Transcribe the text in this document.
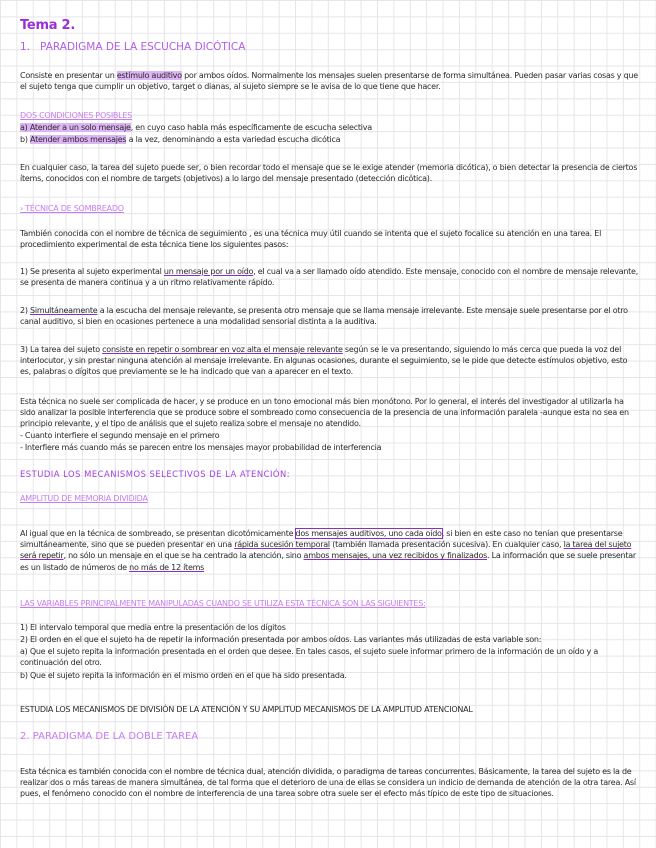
Tema 2.
1. PARADIGMA DE LA ESCUCHA DICÓTICA
Consiste en presentar un estímulo auditivo por ambos oídos. Normalmente los mensajes suelen presentarse de forma simultánea. Pueden pasar varias cosas y que el sujeto tenga que cumplir un objetivo, target o dianas, al sujeto siempre se le avisa de lo que tiene que hacer.
DOS CONDICIONES POSIBLES
a) Atender a un solo mensaje, en cuyo caso habla más específicamente de escucha selectiva
b) Atender ambos mensajes a la vez, denominando a esta variedad escucha dicótica
En cualquier caso, la tarea del sujeto puede ser, o bien recordar todo el mensaje que se le exige atender (memoria dicótica), o bien detectar la presencia de ciertos ítems, conocidos con el nombre de targets (objetivos) a lo largo del mensaje presentado (detección dicótica).
› TÉCNICA DE SOMBREADO
También conocida con el nombre de técnica de seguimiento , es una técnica muy útil cuando se intenta que el sujeto focalice su atención en una tarea. El procedimiento experimental de esta técnica tiene los siguientes pasos:
1) Se presenta al sujeto experimental un mensaje por un oído, el cual va a ser llamado oído atendido. Este mensaje, conocido con el nombre de mensaje relevante, se presenta de manera continua y a un ritmo relativamente rápido.
2) Simultáneamente a la escucha del mensaje relevante, se presenta otro mensaje que se llama mensaje irrelevante. Este mensaje suele presentarse por el otro canal auditivo, si bien en ocasiones pertenece a una modalidad sensorial distinta a la auditiva.
3) La tarea del sujeto consiste en repetir o sombrear en voz alta el mensaje relevante según se le va presentando, siguiendo lo más cerca que pueda la voz del interlocutor, y sin prestar ninguna atención al mensaje irrelevante. En algunas ocasiones, durante el seguimiento, se le pide que detecte estímulos objetivo, esto es, palabras o dígitos que previamente se le ha indicado que van a aparecer en el texto.
Esta técnica no suele ser complicada de hacer, y se produce en un tono emocional más bien monótono. Por lo general, el interés del investigador al utilizarla ha sido analizar la posible interferencia que se produce sobre el sombreado como consecuencia de la presencia de una información paralela -aunque esta no sea en principio relevante, y el tipo de análisis que el sujeto realiza sobre el mensaje no atendido.
- Cuanto interfiere el segundo mensaje en el primero
- Interfiere más cuando más se parecen entre los mensajes mayor probabilidad de interferencia
ESTUDIA LOS MECANISMOS SELECTIVOS DE LA ATENCIÓN:
AMPLITUD DE MEMORIA DIVIDIDA
Al igual que en la técnica de sombreado, se presentan dicotómicamente dos mensajes auditivos, uno cada oído, si bien en este caso no tenían que presentarse simultáneamente, sino que se pueden presentar en una rápida sucesión temporal (también llamada presentación sucesiva). En cualquier caso, la tarea del sujeto será repetir, no sólo un mensaje en el que se ha centrado la atención, sino ambos mensajes, una vez recibidos y finalizados. La información que se suele presentar es un listado de números de no más de 12 ítems
LAS VARIABLES PRINCIPALMENTE MANIPULADAS CUANDO SE UTILIZA ESTA TÉCNICA SON LAS SIGUIENTES:
1) El intervalo temporal que media entre la presentación de los dígitos
2) El orden en el que el sujeto ha de repetir la información presentada por ambos oídos. Las variantes más utilizadas de esta variable son:
a) Que el sujeto repita la información presentada en el orden que desee. En tales casos, el sujeto suele informar primero de la información de un oído y a continuación del otro.
b) Que el sujeto repita la información en el mismo orden en el que ha sido presentada.
ESTUDIA LOS MECANISMOS DE DIVISIÓN DE LA ATENCIÓN Y SU AMPLITUD MECANISMOS DE LA AMPLITUD ATENCIONAL
2. PARADIGMA DE LA DOBLE TAREA
Esta técnica es también conocida con el nombre de técnica dual, atención dividida, o paradigma de tareas concurrentes. Básicamente, la tarea del sujeto es la de realizar dos o más tareas de manera simultánea, de tal forma que el deterioro de una de ellas se considera un indicio de demanda de atención de la otra tarea. Así pues, el fenómeno conocido con el nombre de interferencia de una tarea sobre otra suele ser el efecto más típico de este tipo de situaciones.
